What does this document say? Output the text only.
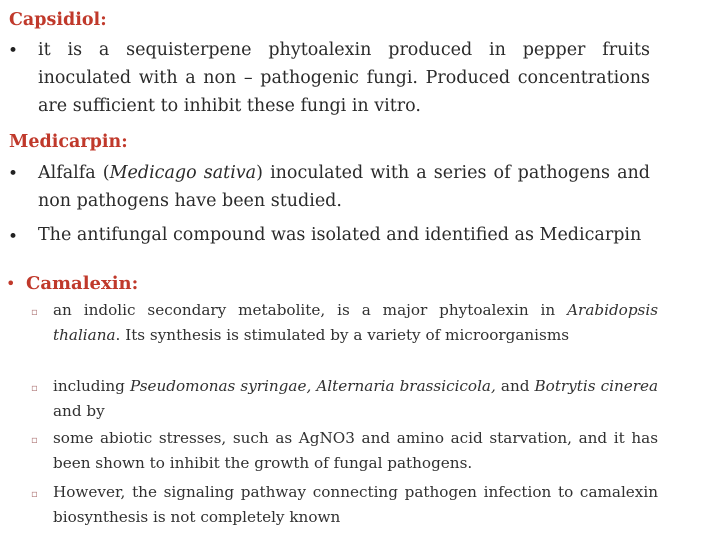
Capsidiol:
• it is a sequisterpene phytoalexin produced in pepper fruits inoculated with a non – pathogenic fungi. Produced concentrations are sufficient to inhibit these fungi in vitro.

Medicarpin:
• Alfalfa (Medicago sativa) inoculated with a series of pathogens and non pathogens have been studied.

• The antifungal compound was isolated and identified as Medicarpin

• Camalexin:
▫ an indolic secondary metabolite, is a major phytoalexin in Arabidopsis thaliana. Its synthesis is stimulated by a variety of microorganisms

▫ including Pseudomonas syringae, Alternaria brassicicola, and Botrytis cinerea and by

▫ some abiotic stresses, such as AgNO3 and amino acid starvation, and it has been shown to inhibit the growth of fungal pathogens.

▫ However, the signaling pathway connecting pathogen infection to camalexin biosynthesis is not completely known
